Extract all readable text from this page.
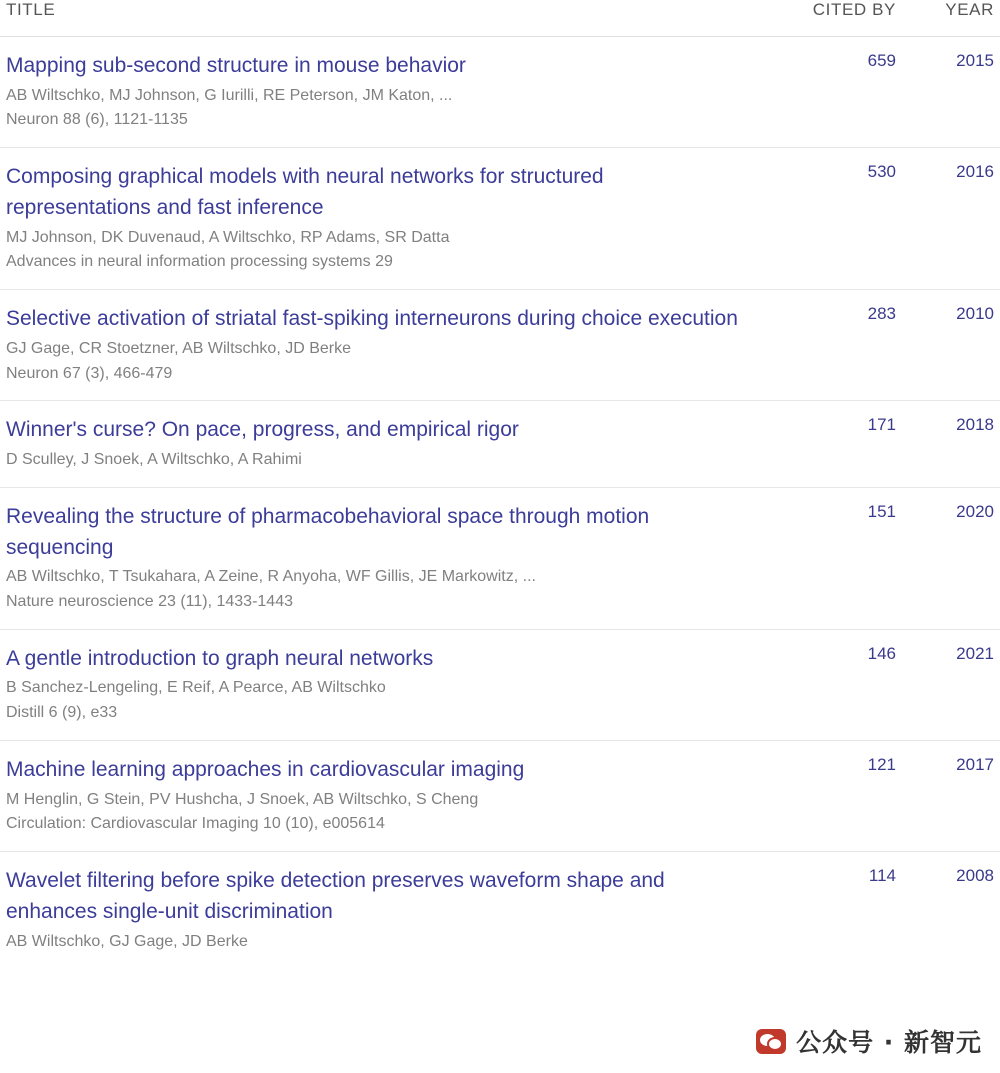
TITLE	CITED BY	YEAR

Mapping sub-second structure in mouse behavior
AB Wiltschko, MJ Johnson, G Iurilli, RE Peterson, JM Katon, ...
Neuron 88 (6), 1121-1135	659	2015

Composing graphical models with neural networks for structured representations and fast inference
MJ Johnson, DK Duvenaud, A Wiltschko, RP Adams, SR Datta
Advances in neural information processing systems 29	530	2016

Selective activation of striatal fast-spiking interneurons during choice execution
GJ Gage, CR Stoetzner, AB Wiltschko, JD Berke
Neuron 67 (3), 466-479	283	2010

Winner's curse? On pace, progress, and empirical rigor
D Sculley, J Snoek, A Wiltschko, A Rahimi	171	2018

Revealing the structure of pharmacobehavioral space through motion sequencing
AB Wiltschko, T Tsukahara, A Zeine, R Anyoha, WF Gillis, JE Markowitz, ...
Nature neuroscience 23 (11), 1433-1443	151	2020

A gentle introduction to graph neural networks
B Sanchez-Lengeling, E Reif, A Pearce, AB Wiltschko
Distill 6 (9), e33	146	2021

Machine learning approaches in cardiovascular imaging
M Henglin, G Stein, PV Hushcha, J Snoek, AB Wiltschko, S Cheng
Circulation: Cardiovascular Imaging 10 (10), e005614	121	2017

Wavelet filtering before spike detection preserves waveform shape and enhances single-unit discrimination
AB Wiltschko, GJ Gage, JD Berke	114	2008
公众号 · 新智元
